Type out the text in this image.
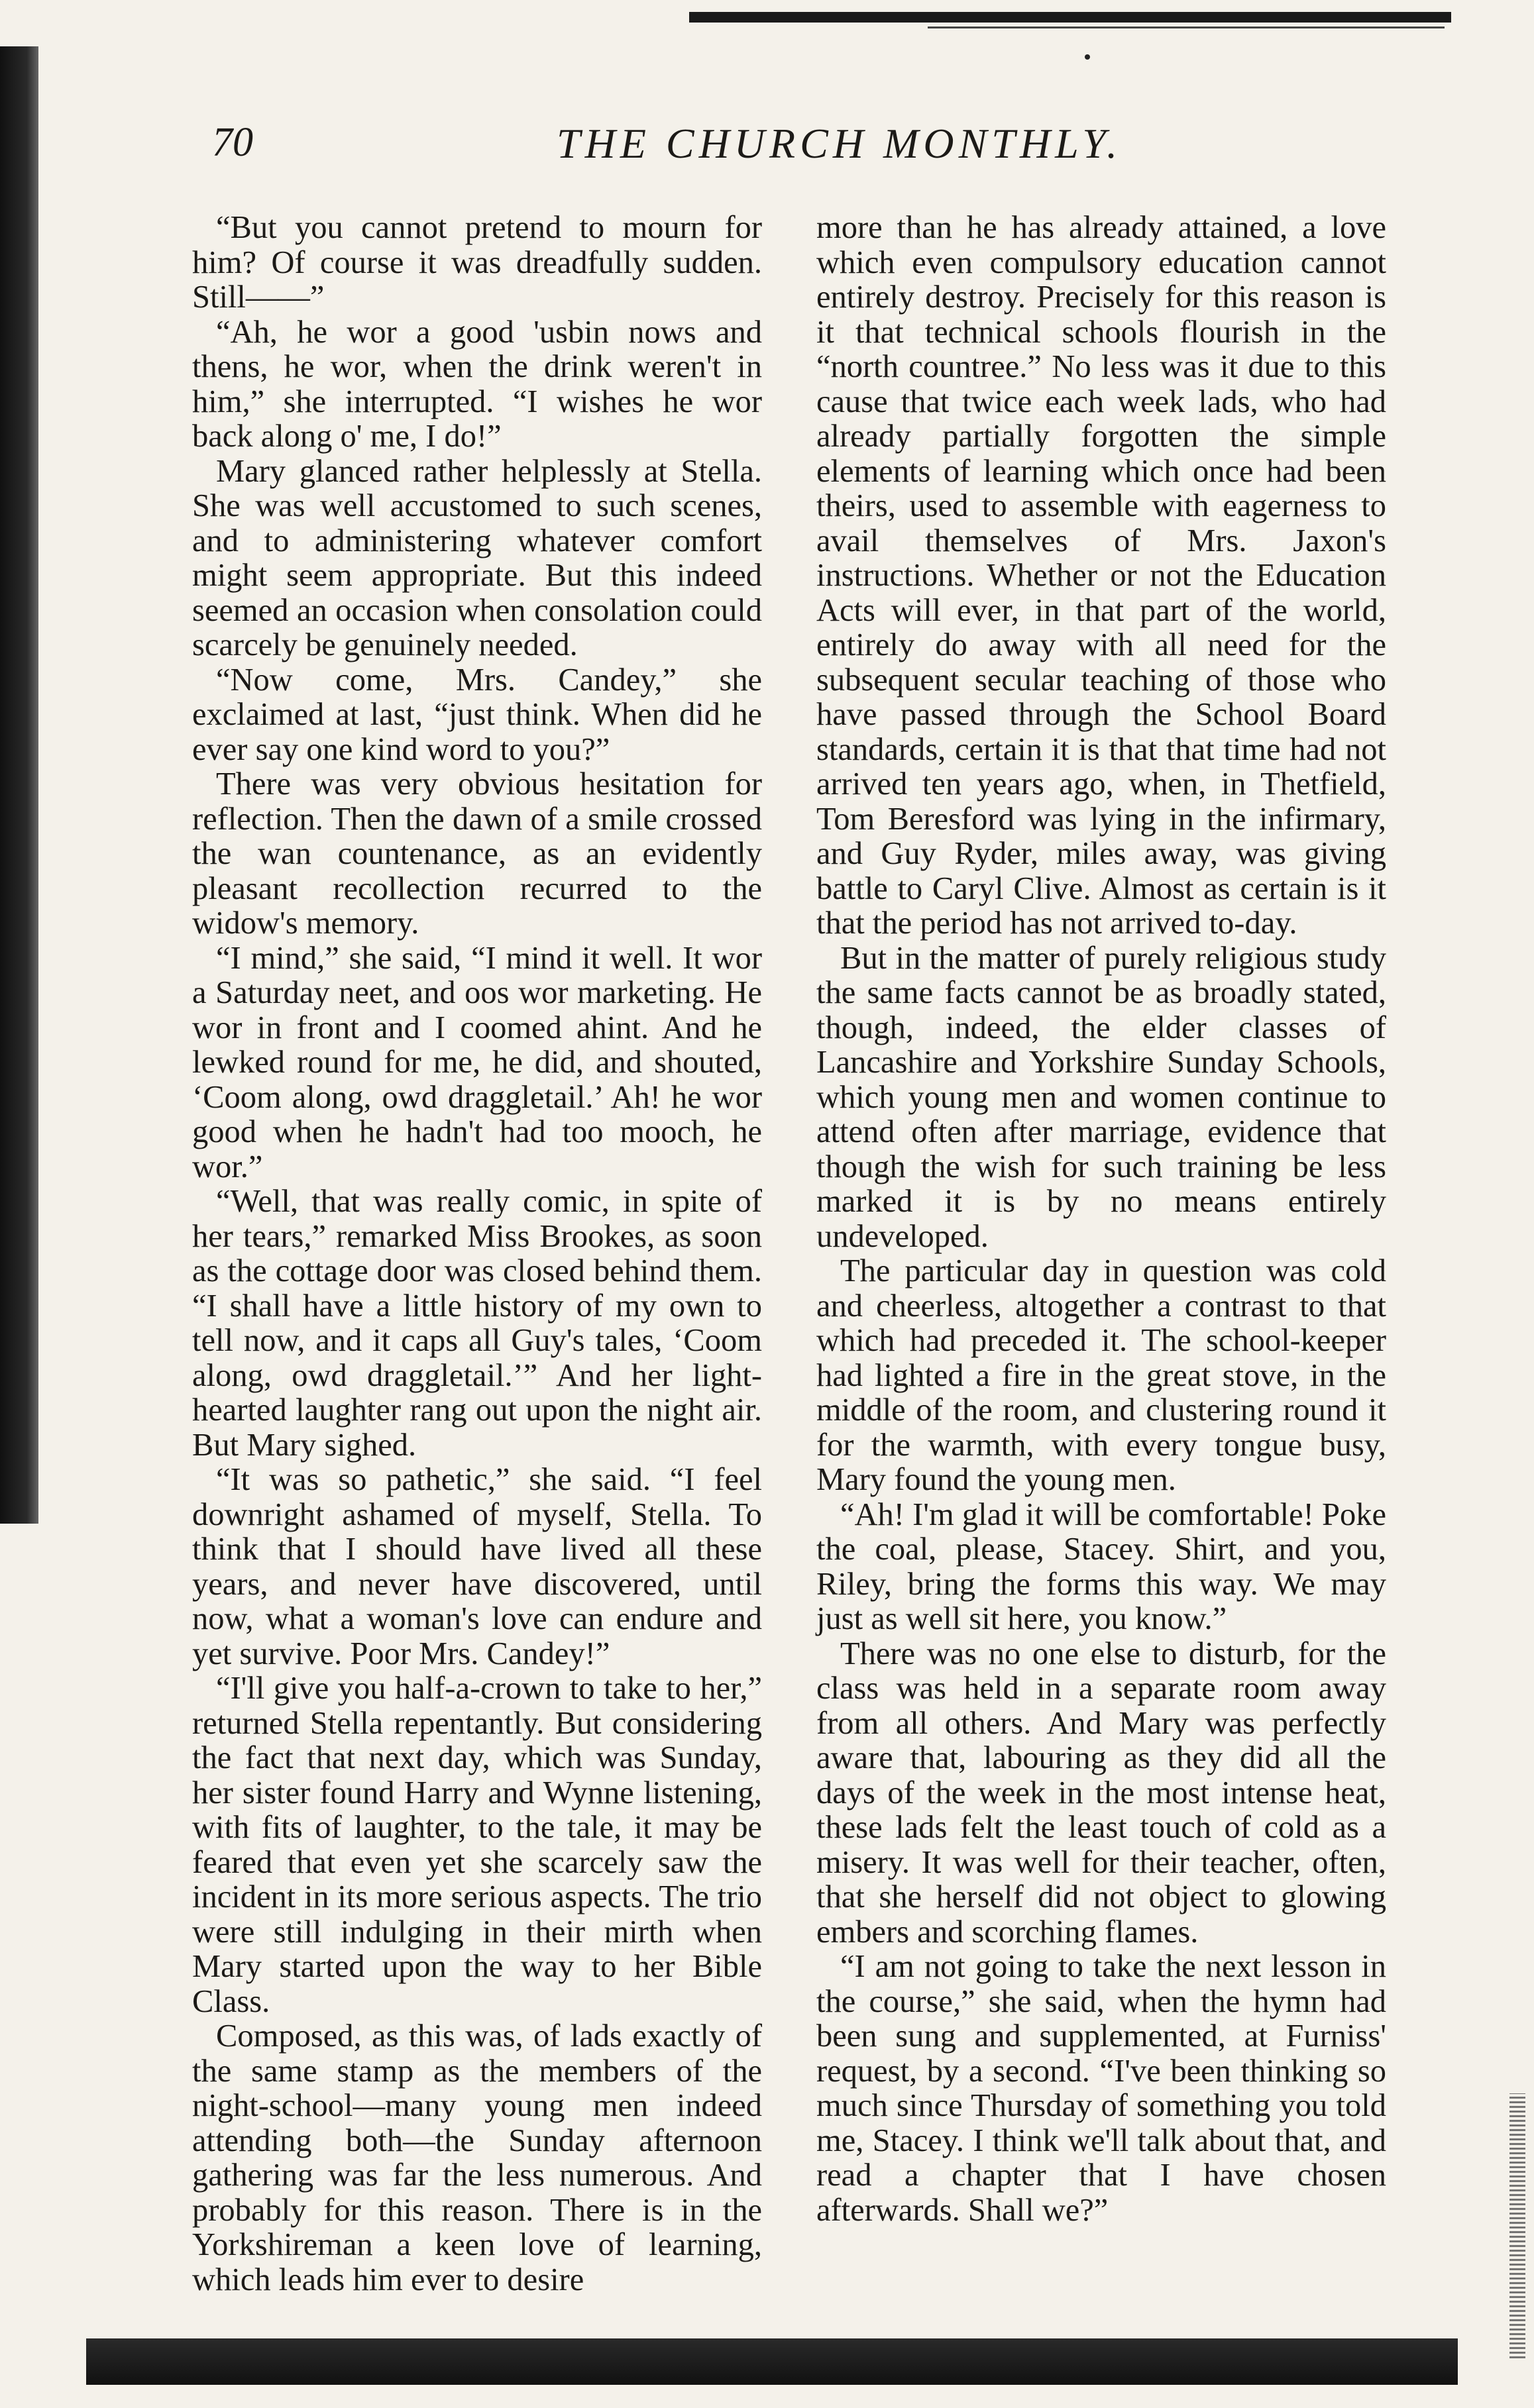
70	THE CHURCH MONTHLY.

“But you cannot pretend to mourn for him? Of course it was dreadfully sudden. Still——”

“Ah, he wor a good 'usbin nows and thens, he wor, when the drink weren't in him,” she interrupted. “I wishes he wor back along o' me, I do!”

Mary glanced rather helplessly at Stella. She was well accustomed to such scenes, and to administering whatever comfort might seem appropriate. But this indeed seemed an occasion when consolation could scarcely be genuinely needed.

“Now come, Mrs. Candey,” she exclaimed at last, “just think. When did he ever say one kind word to you?”

There was very obvious hesitation for reflection. Then the dawn of a smile crossed the wan countenance, as an evidently pleasant recollection recurred to the widow's memory.

“I mind,” she said, “I mind it well. It wor a Saturday neet, and oos wor marketing. He wor in front and I coomed ahint. And he lewked round for me, he did, and shouted, ‘Coom along, owd draggletail.’ Ah! he wor good when he hadn't had too mooch, he wor.”

“Well, that was really comic, in spite of her tears,” remarked Miss Brookes, as soon as the cottage door was closed behind them. “I shall have a little history of my own to tell now, and it caps all Guy's tales, ‘Coom along, owd draggletail.’” And her light-hearted laughter rang out upon the night air. But Mary sighed.

“It was so pathetic,” she said. “I feel downright ashamed of myself, Stella. To think that I should have lived all these years, and never have discovered, until now, what a woman's love can endure and yet survive. Poor Mrs. Candey!”

“I'll give you half-a-crown to take to her,” returned Stella repentantly. But considering the fact that next day, which was Sunday, her sister found Harry and Wynne listening, with fits of laughter, to the tale, it may be feared that even yet she scarcely saw the incident in its more serious aspects. The trio were still indulging in their mirth when Mary started upon the way to her Bible Class.

Composed, as this was, of lads exactly of the same stamp as the members of the night-school—many young men indeed attending both—the Sunday afternoon gathering was far the less numerous. And probably for this reason. There is in the Yorkshireman a keen love of learning, which leads him ever to desire

more than he has already attained, a love which even compulsory education cannot entirely destroy. Precisely for this reason is it that technical schools flourish in the “north countree.” No less was it due to this cause that twice each week lads, who had already partially forgotten the simple elements of learning which once had been theirs, used to assemble with eagerness to avail themselves of Mrs. Jaxon's instructions. Whether or not the Education Acts will ever, in that part of the world, entirely do away with all need for the subsequent secular teaching of those who have passed through the School Board standards, certain it is that that time had not arrived ten years ago, when, in Thetfield, Tom Beresford was lying in the infirmary, and Guy Ryder, miles away, was giving battle to Caryl Clive. Almost as certain is it that the period has not arrived to-day.

But in the matter of purely religious study the same facts cannot be as broadly stated, though, indeed, the elder classes of Lancashire and Yorkshire Sunday Schools, which young men and women continue to attend often after marriage, evidence that though the wish for such training be less marked it is by no means entirely undeveloped.

The particular day in question was cold and cheerless, altogether a contrast to that which had preceded it. The school-keeper had lighted a fire in the great stove, in the middle of the room, and clustering round it for the warmth, with every tongue busy, Mary found the young men.

“Ah! I'm glad it will be comfortable! Poke the coal, please, Stacey. Shirt, and you, Riley, bring the forms this way. We may just as well sit here, you know.”

There was no one else to disturb, for the class was held in a separate room away from all others. And Mary was perfectly aware that, labouring as they did all the days of the week in the most intense heat, these lads felt the least touch of cold as a misery. It was well for their teacher, often, that she herself did not object to glowing embers and scorching flames.

“I am not going to take the next lesson in the course,” she said, when the hymn had been sung and supplemented, at Furniss' request, by a second. “I've been thinking so much since Thursday of something you told me, Stacey. I think we'll talk about that, and read a chapter that I have chosen afterwards. Shall we?”
